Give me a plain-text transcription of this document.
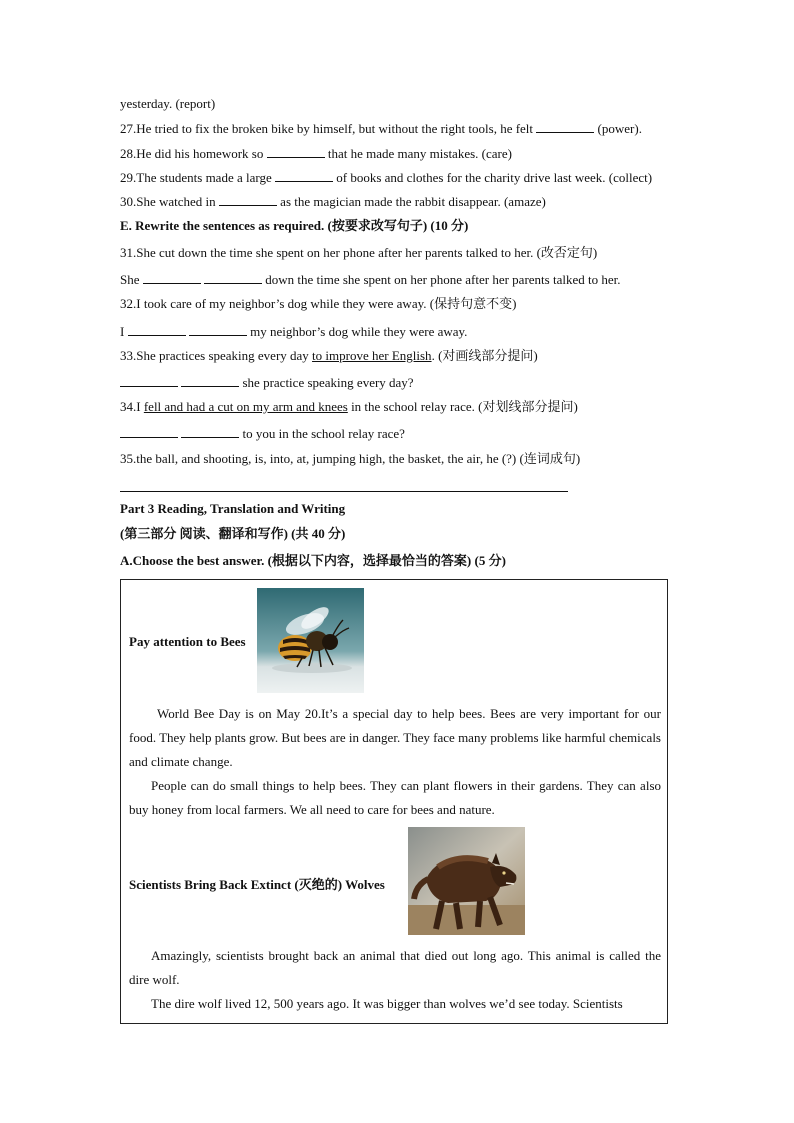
yesterday. (report)
27.He tried to fix the broken bike by himself, but without the right tools, he felt	(power).
28.He did his homework so	that he made many mistakes. (care)
29.The students made a large	of books and clothes for the charity drive last week. (collect)
30.She watched in	as the magician made the rabbit disappear. (amaze)
E. Rewrite the sentences as required. (按要求改写句子) (10 分)
31.She cut down the time she spent on her phone after her parents talked to her. (改否定句)
She	down the time she spent on her phone after her parents talked to her.
32.I took care of my neighbor’s dog while they were away. (保持句意不变)
I	my neighbor’s dog while they were away.
33.She practices speaking every day to improve her English. (对画线部分提问)
she practice speaking every day?
34.I fell and had a cut on my arm and knees in the school relay race. (对划线部分提问)
to you in the school relay race?
35.the ball, and shooting, is, into, at, jumping high, the basket, the air, he (?) (连词成句)
Part 3 Reading, Translation and Writing
(第三部分 阅读、翻译和写作) (共 40 分)
A.Choose the best answer. (根据以下内容，选择最恰当的答案) (5 分)
Pay attention to Bees
World Bee Day is on May 20.It’s a special day to help bees. Bees are very important for our food. They help plants grow. But bees are in danger. They face many problems like harmful chemicals and climate change.
People can do small things to help bees. They can plant flowers in their gardens. They can also buy honey from local farmers. We all need to care for bees and nature.
Scientists Bring Back Extinct (灭绝的) Wolves
Amazingly, scientists brought back an animal that died out long ago. This animal is called the dire wolf.
The dire wolf lived 12, 500 years ago. It was bigger than wolves we’d see today. Scientists
